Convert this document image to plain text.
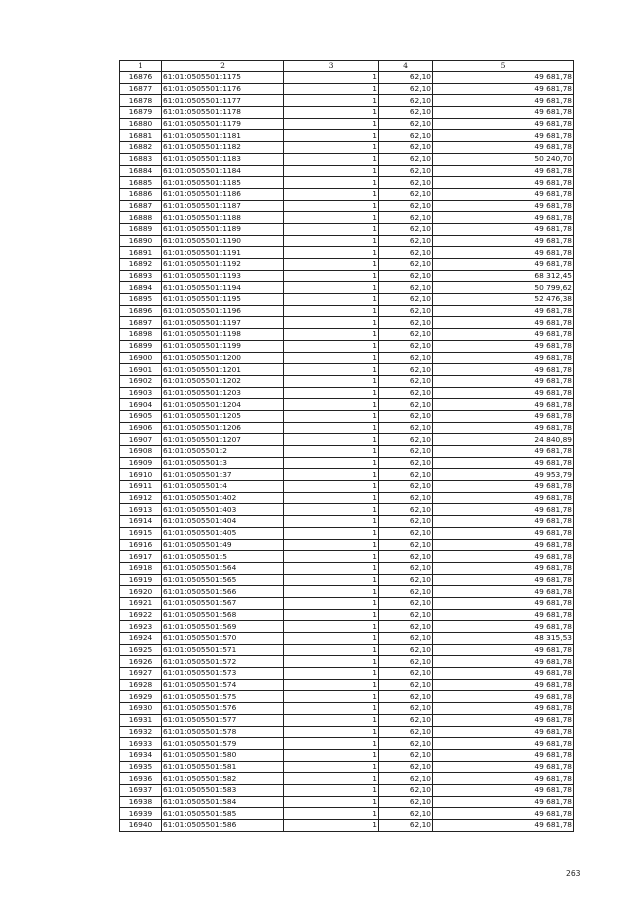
1	2	3	4	5
16876	61:01:0505501:1175	1	62,10	49 681,78
16877	61:01:0505501:1176	1	62,10	49 681,78
16878	61:01:0505501:1177	1	62,10	49 681,78
16879	61:01:0505501:1178	1	62,10	49 681,78
16880	61:01:0505501:1179	1	62,10	49 681,78
16881	61:01:0505501:1181	1	62,10	49 681,78
16882	61:01:0505501:1182	1	62,10	49 681,78
16883	61:01:0505501:1183	1	62,10	50 240,70
16884	61:01:0505501:1184	1	62,10	49 681,78
16885	61:01:0505501:1185	1	62,10	49 681,78
16886	61:01:0505501:1186	1	62,10	49 681,78
16887	61:01:0505501:1187	1	62,10	49 681,78
16888	61:01:0505501:1188	1	62,10	49 681,78
16889	61:01:0505501:1189	1	62,10	49 681,78
16890	61:01:0505501:1190	1	62,10	49 681,78
16891	61:01:0505501:1191	1	62,10	49 681,78
16892	61:01:0505501:1192	1	62,10	49 681,78
16893	61:01:0505501:1193	1	62,10	68 312,45
16894	61:01:0505501:1194	1	62,10	50 799,62
16895	61:01:0505501:1195	1	62,10	52 476,38
16896	61:01:0505501:1196	1	62,10	49 681,78
16897	61:01:0505501:1197	1	62,10	49 681,78
16898	61:01:0505501:1198	1	62,10	49 681,78
16899	61:01:0505501:1199	1	62,10	49 681,78
16900	61:01:0505501:1200	1	62,10	49 681,78
16901	61:01:0505501:1201	1	62,10	49 681,78
16902	61:01:0505501:1202	1	62,10	49 681,78
16903	61:01:0505501:1203	1	62,10	49 681,78
16904	61:01:0505501:1204	1	62,10	49 681,78
16905	61:01:0505501:1205	1	62,10	49 681,78
16906	61:01:0505501:1206	1	62,10	49 681,78
16907	61:01:0505501:1207	1	62,10	24 840,89
16908	61:01:0505501:2	1	62,10	49 681,78
16909	61:01:0505501:3	1	62,10	49 681,78
16910	61:01:0505501:37	1	62,10	49 953,79
16911	61:01:0505501:4	1	62,10	49 681,78
16912	61:01:0505501:402	1	62,10	49 681,78
16913	61:01:0505501:403	1	62,10	49 681,78
16914	61:01:0505501:404	1	62,10	49 681,78
16915	61:01:0505501:405	1	62,10	49 681,78
16916	61:01:0505501:49	1	62,10	49 681,78
16917	61:01:0505501:5	1	62,10	49 681,78
16918	61:01:0505501:564	1	62,10	49 681,78
16919	61:01:0505501:565	1	62,10	49 681,78
16920	61:01:0505501:566	1	62,10	49 681,78
16921	61:01:0505501:567	1	62,10	49 681,78
16922	61:01:0505501:568	1	62,10	49 681,78
16923	61:01:0505501:569	1	62,10	49 681,78
16924	61:01:0505501:570	1	62,10	48 315,53
16925	61:01:0505501:571	1	62,10	49 681,78
16926	61:01:0505501:572	1	62,10	49 681,78
16927	61:01:0505501:573	1	62,10	49 681,78
16928	61:01:0505501:574	1	62,10	49 681,78
16929	61:01:0505501:575	1	62,10	49 681,78
16930	61:01:0505501:576	1	62,10	49 681,78
16931	61:01:0505501:577	1	62,10	49 681,78
16932	61:01:0505501:578	1	62,10	49 681,78
16933	61:01:0505501:579	1	62,10	49 681,78
16934	61:01:0505501:580	1	62,10	49 681,78
16935	61:01:0505501:581	1	62,10	49 681,78
16936	61:01:0505501:582	1	62,10	49 681,78
16937	61:01:0505501:583	1	62,10	49 681,78
16938	61:01:0505501:584	1	62,10	49 681,78
16939	61:01:0505501:585	1	62,10	49 681,78
16940	61:01:0505501:586	1	62,10	49 681,78
263
